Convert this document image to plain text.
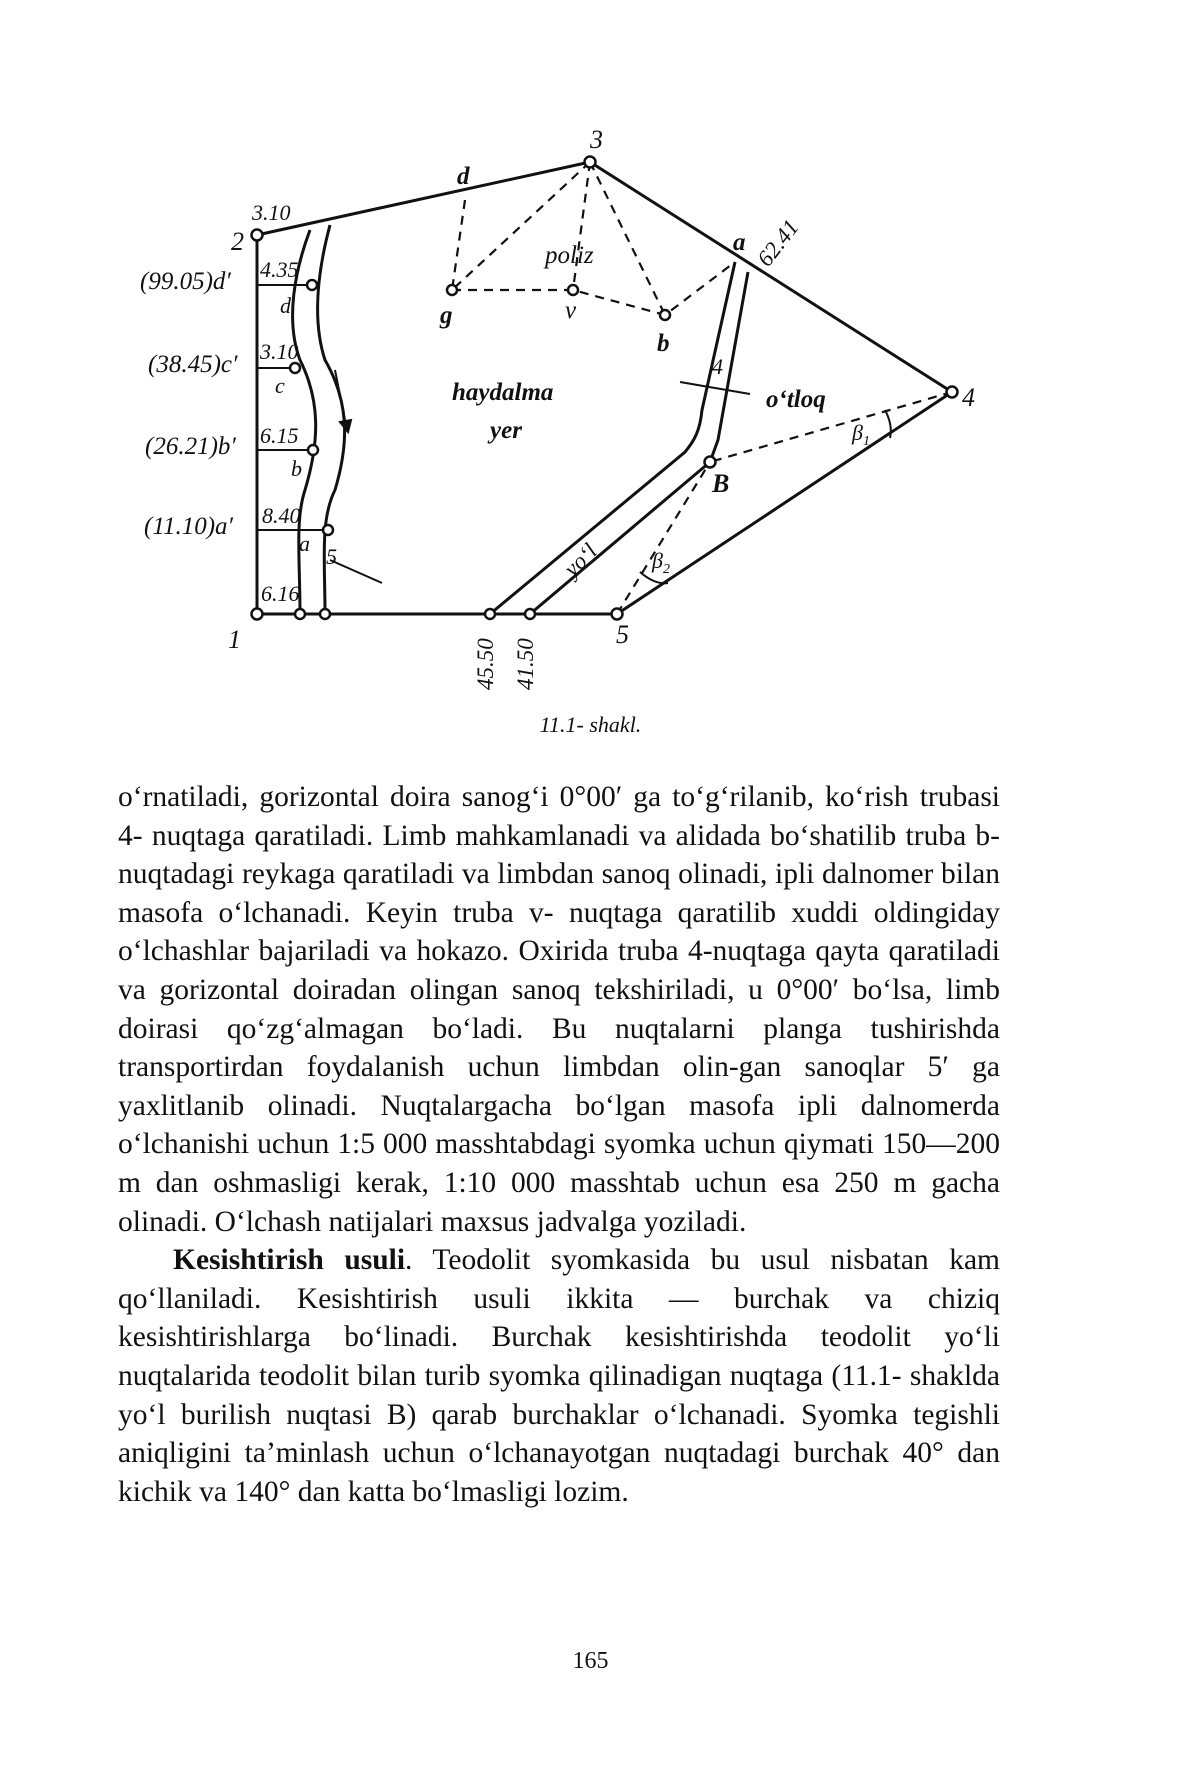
1
2
3
4
5
B
(99.05)d′
(38.45)c′
(26.21)b′
(11.10)a′
3.10
4.35
3.10
6.15
8.40
6.16
d
c
b
a
5
4
45.50 41.50
62.41
yo‘l
haydalma
yer
poliz
o‘tloq
d
g	v
b
a
$\beta_1$
$\beta_2$
11.1- shakl.

o‘rnatiladi, gorizontal doira sanog‘i 0°00′ ga to‘g‘rilanib, ko‘rish trubasi 4- nuqtaga qaratiladi. Limb mahkamlanadi va alidada bo‘shatilib truba b- nuqtadagi reykaga qaratiladi va limbdan sanoq olinadi, ipli dalnomer bilan masofa o‘lchanadi. Keyin truba v- nuqtaga qaratilib xuddi oldingiday o‘lchashlar bajariladi va hokazo. Oxirida truba 4-nuqtaga qayta qaratiladi va gorizontal doiradan olingan sanoq tekshiriladi, u 0°00′ bo‘lsa, limb doirasi qo‘zg‘almagan bo‘ladi. Bu nuqtalarni planga tushirishda transportirdan foydalanish uchun limbdan olin-gan sanoqlar 5′ ga yaxlitlanib olinadi. Nuqtalargacha bo‘lgan masofa ipli dalnomerda o‘lchanishi uchun 1:5 000 masshtabdagi syomka uchun qiymati 150—200 m dan oshmasligi kerak, 1:10 000 masshtab uchun esa 250 m gacha olinadi. O‘lchash natijalari maxsus jadvalga yoziladi.

Kesishtirish usuli. Teodolit syomkasida bu usul nisbatan kam qo‘llaniladi. Kesishtirish usuli ikkita — burchak va chiziq kesishtirishlarga bo‘linadi. Burchak kesishtirishda teodolit yo‘li nuqtalarida teodolit bilan turib syomka qilinadigan nuqtaga (11.1- shaklda yo‘l burilish nuqtasi B) qarab burchaklar o‘lchanadi. Syomka tegishli aniqligini ta’minlash uchun o‘lchanayotgan nuqtadagi burchak 40° dan kichik va 140° dan katta bo‘lmasligi lozim.

165
